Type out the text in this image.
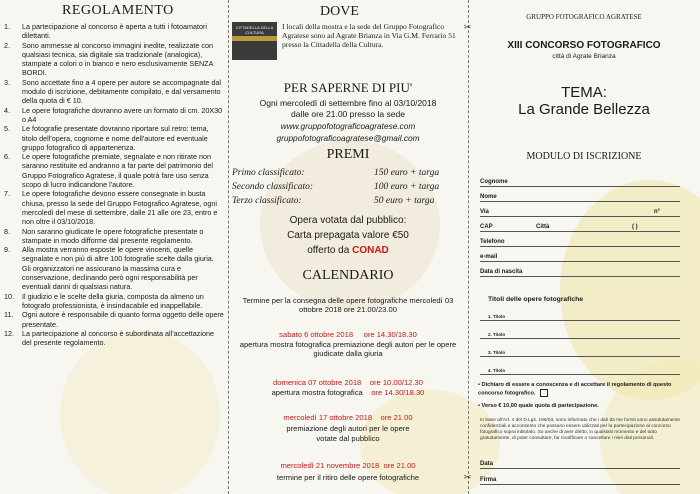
✂
✂
REGOLAMENTO
1. La partecipazione al concorso è aperta a tutti i fotoamatori dilettanti.
2. Sono ammesse al concorso immagini inedite, realizzate con qualsiasi tecnica, sia digitale sia tradizionale (analogica), stampate a colori o in bianco e nero esclusivamente SENZA BORDI.
3. Sono accettate fino a 4 opere per autore se accompagnate dal modulo di iscrizione, debitamente compilato, e dal versamento della quota di € 10.
4. Le opere fotografiche dovranno avere un formato di cm. 20X30 o A4
5. Le fotografie presentate dovranno riportare sul retro: tema, titolo dell'opera, cognome e nome dell'autore ed eventuale gruppo fotografico di appartenenza.
6. Le opere fotografiche premiate, segnalate e non ritirate non saranno restituite ed andranno a far parte del patrimonio del Gruppo Fotografico Agratese, il quale potrà fare uso senza scopo di lucro indicandone l'autore.
7. Le opere fotografiche devono essere consegnate in busta chiusa, presso la sede del Gruppo Fotografico Agratese, ogni mercoledì del mese di settembre, dalle 21 alle ore 23, entro e non oltre il 03/10/2018.
8. Non saranno giudicate le opere fotografiche presentate o stampate in modo difforme dal presente regolamento.
9. Alla mostra verranno esposte le opere vincenti, quelle segnalate e non più di altre 100 fotografie scelte dalla giuria. Gli organizzatori ne assicurano la massima cura e conservazione, declinando però ogni responsabilità per eventuali danni di qualsiasi natura.
10. Il giudizio e le scelte della giuria, composta da almeno un fotografo professionista, è insindacabile ed inappellabile.
11. Ogni autore è responsabile di quanto forma oggetto delle opere presentate.
12. La partecipazione al concorso è subordinata all'accettazione del presente regolamento.
DOVE
CITTADELLA DELLA CULTURA
I locali della mostra e la sede del Gruppo Fotografico Agratese sono ad Agrate Brianza in Via G.M. Ferrario 51 presso la Cittadella della Cultura.
PER SAPERNE DI PIU'
Ogni mercoledì di settembre fino al 03/10/2018
dalle ore 21.00 presso la sede
www.gruppofotograficoagratese.com
gruppofotograficoagratese@gmail.com
PREMI
Primo classificato:	150 euro + targa
Secondo classificato:	100 euro + targa
Terzo classificato:	50 euro + targa
Opera votata dal pubblico:
Carta prepagata valore €50
offerto da CONAD
CALENDARIO
Termine per la consegna delle opere fotografiche mercoledì 03 ottobre 2018 ore 21.00/23.00
sabato 6 ottobre 2018 ore 14.30/18.30
apertura mostra fotografica premiazione degli autori per le opere giudicate dalla giuria
domenica 07 ottobre 2018 ore 10.00/12.30
apertura mostra fotografica ore 14.30/18.30
mercoledì 17 ottobre 2018 ore 21.00
premiazione degli autori per le opere votate dal pubblico
mercoledì 21 novembre 2018 ore 21.00
termine per il ritiro delle opere fotografiche
GRUPPO FOTOGRAFICO AGRATESE
XIII CONCORSO FOTOGRAFICO
città di Agrate Brianza
TEMA:
La Grande Bellezza
MODULO DI ISCRIZIONE
Cognome
Nome
Via	n°
CAP	Città	( )
Telefono
e-mail
Data di nascita
Titoli delle opere fotografiche
1. Titolo
2. Titolo
3. Titolo
4. Titolo
• Dichiaro di essere a conoscenza e di accettare il regolamento di questo concorso fotografico.
• Verso € 10,00 quale quota di partecipazione.
In base all'Art. 4 del D.Lgs. 196/03, sono informato che i dati da me forniti sono assolutamente confidenziali e acconsento che possano essere utilizzati per la partecipazione al concorso fotografico sopra intitolato. So anche di aver diritto, in qualsiasi momento e del tutto gratuitamente, di poter consultare, far modificare o cancellare i miei dati personali.
Data
Firma
